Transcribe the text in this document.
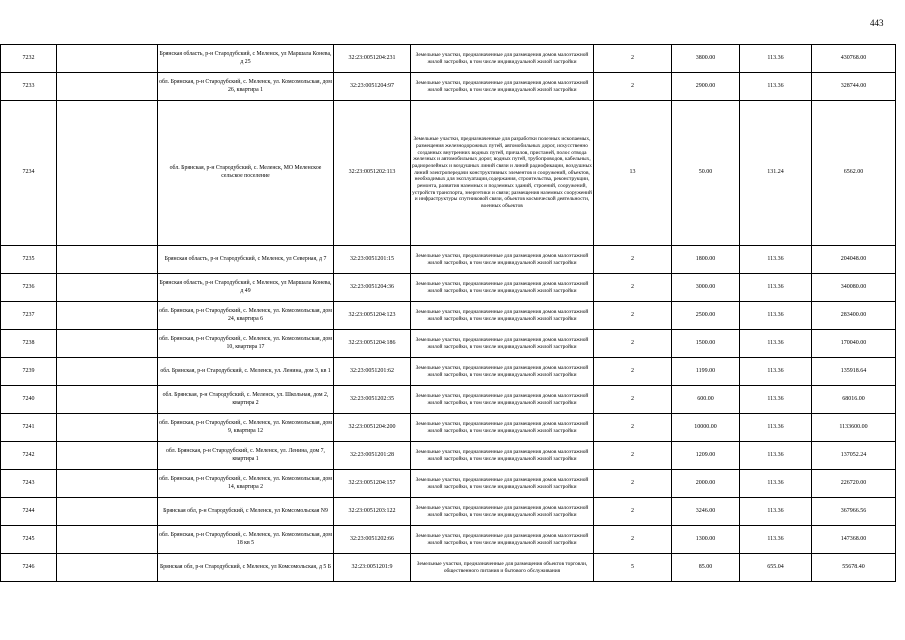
443
7232		Брянская область, р-н Стародубский, с Меленск, ул Маршала Конева, д 25	32:23:0051204:231	Земельные участки, предназначенные для размещения домов малоэтажной жилой застройки, в том числе индивидуальной жилой застройки	2	3800.00	113.36	430768.00
7233		обл. Брянская, р-н Стародубский, с. Меленск, ул. Комсомольская, дом 26, квартира 1	32:23:0051204:97	Земельные участки, предназначенные для размещения домов малоэтажной жилой застройки, в том числе индивидуальной жилой застройки	2	2900.00	113.36	328744.00
7234		обл. Брянская, р-н Стародубский, с. Меленск, МО Меленское сельское поселение	32:23:0051202:113	Земельные участки, предназначенные для разработки полезных ископаемых, размещения железнодорожных путей, автомобильных дорог, искусственно созданных внутренних водных путей, причалов, пристаней, полос отвода железных и автомобильных дорог, водных путей, трубопроводов, кабельных, радиорелейных и воздушных линий связи и линий радиофикации, воздушных линий электропередачи конструктивных элементов и сооружений, объектов, необходимых для эксплуатации,содержания, строительства, реконструкции, ремонта, развития наземных и подземных зданий, строений, сооружений, устройств транспорта, энергетики и связи; размещения наземных сооружений и инфраструктуры спутниковой связи, объектов космической деятельности, военных объектов	13	50.00	131.24	6562.00
7235		Брянская область, р-н Стародубский, с Меленск, ул Северная, д 7	32:23:0051201:15	Земельные участки, предназначенные для размещения домов малоэтажной жилой застройки, в том числе индивидуальной жилой застройки	2	1800.00	113.36	204048.00
7236		Брянская область, р-н Стародубский, с Меленск, ул Маршала Конева, д 49	32:23:0051204:36	Земельные участки, предназначенные для размещения домов малоэтажной жилой застройки, в том числе индивидуальной жилой застройки	2	3000.00	113.36	340080.00
7237		обл. Брянская, р-н Стародубский, с. Меленск, ул. Комсомольская, дом 24, квартира 6	32:23:0051204:123	Земельные участки, предназначенные для размещения домов малоэтажной жилой застройки, в том числе индивидуальной жилой застройки	2	2500.00	113.36	283400.00
7238		обл. Брянская, р-н Стародубский, с. Меленск, ул. Комсомольская, дом 10, квартира 17	32:23:0051204:186	Земельные участки, предназначенные для размещения домов малоэтажной жилой застройки, в том числе индивидуальной жилой застройки	2	1500.00	113.36	170040.00
7239		обл. Брянская, р-н Стародубский, с. Меленск, ул. Ленина, дом 3, кв 1	32:23:0051201:62	Земельные участки, предназначенные для размещения домов малоэтажной жилой застройки, в том числе индивидуальной жилой застройки	2	1199.00	113.36	135918.64
7240		обл. Брянская, р-н Стародубский, с. Меленск, ул. Школьная, дом 2, квартира 2	32:23:0051202:35	Земельные участки, предназначенные для размещения домов малоэтажной жилой застройки, в том числе индивидуальной жилой застройки	2	600.00	113.36	68016.00
7241		обл. Брянская, р-н Стародубский, с. Меленск, ул. Комсомольская, дом 9, квартира 12	32:23:0051204:200	Земельные участки, предназначенные для размещения домов малоэтажной жилой застройки, в том числе индивидуальной жилой застройки	2	10000.00	113.36	1133600.00
7242		обл. Брянская, р-н Стародубский, с. Меленск, ул. Ленина, дом 7, квартира 1	32:23:0051201:28	Земельные участки, предназначенные для размещения домов малоэтажной жилой застройки, в том числе индивидуальной жилой застройки	2	1209.00	113.36	137052.24
7243		обл. Брянская, р-н Стародубский, с. Меленск, ул. Комсомольская, дом 14, квартира 2	32:23:0051204:157	Земельные участки, предназначенные для размещения домов малоэтажной жилой застройки, в том числе индивидуальной жилой застройки	2	2000.00	113.36	226720.00
7244		Брянская обл, р-н Стародубский, с Меленск, ул Комсомольская N9	32:23:0051203:122	Земельные участки, предназначенные для размещения домов малоэтажной жилой застройки, в том числе индивидуальной жилой застройки	2	3246.00	113.36	367966.56
7245		обл. Брянская, р-н Стародубский, с. Меленск, ул. Комсомольская, дом 18 кв 5	32:23:0051202:66	Земельные участки, предназначенные для размещения домов малоэтажной жилой застройки, в том числе индивидуальной жилой застройки	2	1300.00	113.36	147368.00
7246		Брянская обл, р-н Стародубский, с Меленск, ул Комсомольская, д 5 Б	32:23:0051201:9	Земельные участки, предназначенные для размещения объектов торговли, общественного питания и бытового обслуживания	5	85.00	655.04	55678.40
